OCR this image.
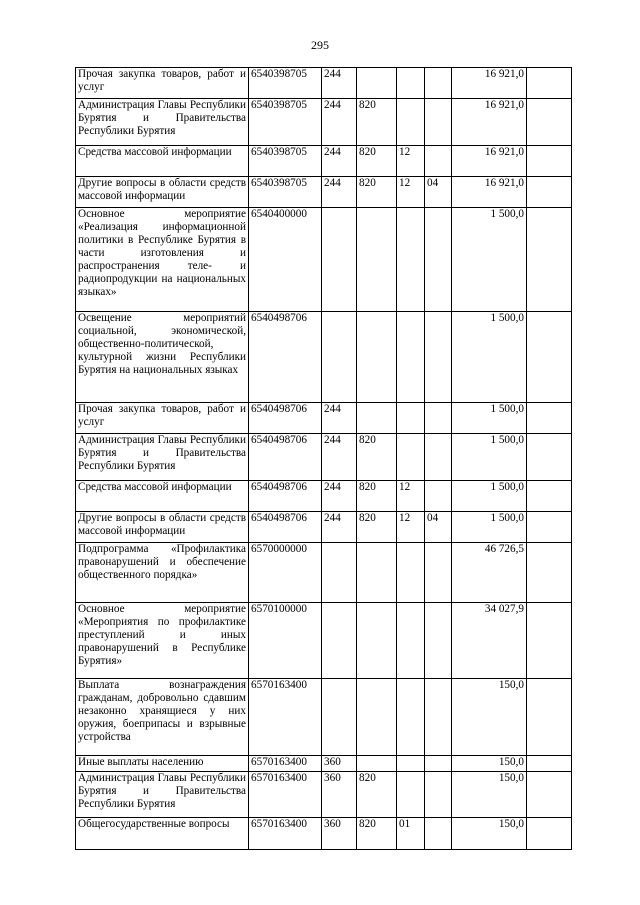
295
Прочая закупка товаров, работ и услуг	6540398705	244				16 921,0	
Администрация Главы Республики Бурятия и Правительства Республики Бурятия	6540398705	244	820			16 921,0	
Средства массовой информации	6540398705	244	820	12		16 921,0	
Другие вопросы в области средств массовой информации	6540398705	244	820	12	04	16 921,0	
Основное мероприятие «Реализация информационной политики в Республике Бурятия в части изготовления и распространения теле- и радиопродукции на национальных языках»	6540400000					1 500,0	
Освещение мероприятий социальной, экономической, общественно-политической, культурной жизни Республики Бурятия на национальных языках	6540498706					1 500,0	
Прочая закупка товаров, работ и услуг	6540498706	244				1 500,0	
Администрация Главы Республики Бурятия и Правительства Республики Бурятия	6540498706	244	820			1 500,0	
Средства массовой информации	6540498706	244	820	12		1 500,0	
Другие вопросы в области средств массовой информации	6540498706	244	820	12	04	1 500,0	
Подпрограмма «Профилактика правонарушений и обеспечение общественного порядка»	6570000000					46 726,5	
Основное мероприятие «Мероприятия по профилактике преступлений и иных правонарушений в Республике Бурятия»	6570100000					34 027,9	
Выплата вознаграждения гражданам, добровольно сдавшим незаконно хранящиеся у них оружия, боеприпасы и взрывные устройства	6570163400					150,0	
Иные выплаты населению	6570163400	360				150,0	
Администрация Главы Республики Бурятия и Правительства Республики Бурятия	6570163400	360	820			150,0	
Общегосударственные вопросы	6570163400	360	820	01		150,0	
